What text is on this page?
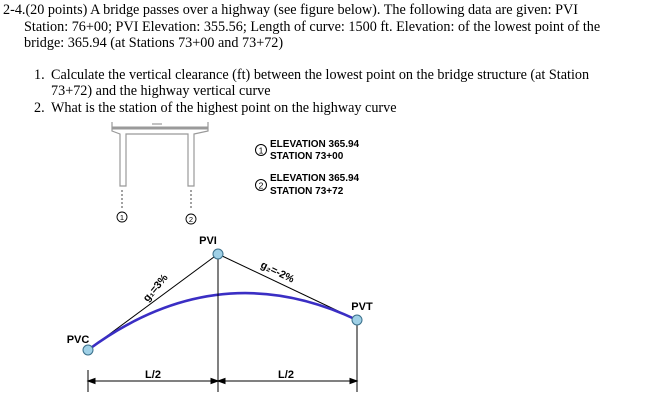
2-4.(20 points) A bridge passes over a highway (see figure below). The following data are given: PVI
Station: 76+00; PVI Elevation: 355.56; Length of curve: 1500 ft. Elevation: of the lowest point of the
bridge: 365.94 (at Stations 73+00 and 73+72)
1. Calculate the vertical clearance (ft) between the lowest point on the bridge structure (at Station
73+72) and the highway vertical curve
2. What is the station of the highest point on the highway curve
1	2
1
ELEVATION 365.94
STATION 73+00
2
ELEVATION 365.94
STATION 73+72
L/2	L/2
PVI
PVC
PVT
g₁=3%	g₂=-2%
